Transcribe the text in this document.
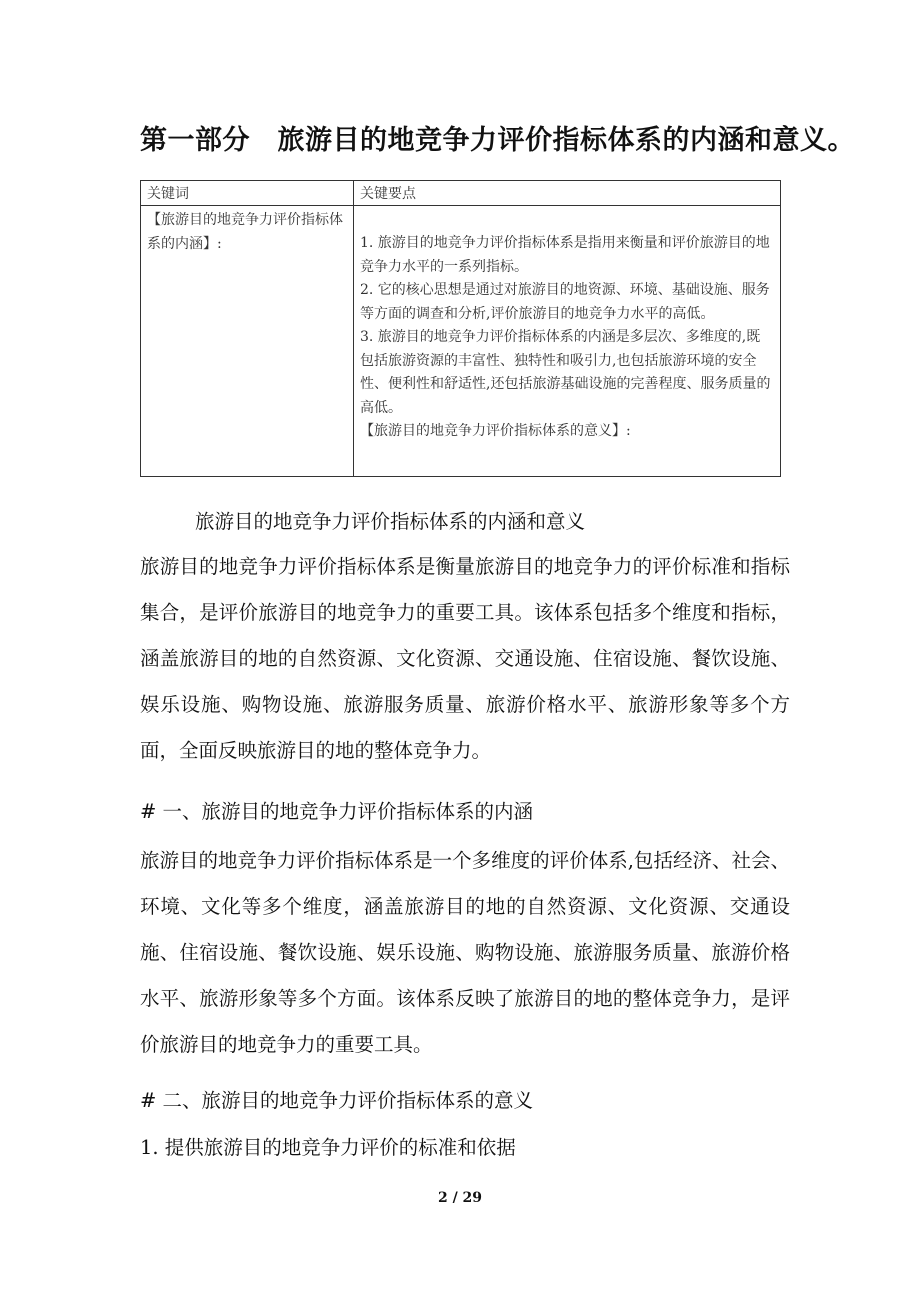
第一部分　旅游目的地竞争力评价指标体系的内涵和意义。
关键词	关键要点

【旅游目的地竞争力评价指标体系的内涵】:	1. 旅游目的地竞争力评价指标体系是指用来衡量和评价旅游目的地竞争力水平的一系列指标。

2. 它的核心思想是通过对旅游目的地资源、环境、基础设施、服务等方面的调查和分析,评价旅游目的地竞争力水平的高低。

3. 旅游目的地竞争力评价指标体系的内涵是多层次、多维度的,既包括旅游资源的丰富性、独特性和吸引力,也包括旅游环境的安全性、便利性和舒适性,还包括旅游基础设施的完善程度、服务质量的高低。

【旅游目的地竞争力评价指标体系的意义】:

旅游目的地竞争力评价指标体系的内涵和意义

旅游目的地竞争力评价指标体系是衡量旅游目的地竞争力的评价标准和指标集合，是评价旅游目的地竞争力的重要工具。该体系包括多个维度和指标，涵盖旅游目的地的自然资源、文化资源、交通设施、住宿设施、餐饮设施、娱乐设施、购物设施、旅游服务质量、旅游价格水平、旅游形象等多个方面，全面反映旅游目的地的整体竞争力。

# 一、旅游目的地竞争力评价指标体系的内涵

旅游目的地竞争力评价指标体系是一个多维度的评价体系,包括经济、社会、环境、文化等多个维度，涵盖旅游目的地的自然资源、文化资源、交通设施、住宿设施、餐饮设施、娱乐设施、购物设施、旅游服务质量、旅游价格水平、旅游形象等多个方面。该体系反映了旅游目的地的整体竞争力，是评价旅游目的地竞争力的重要工具。

# 二、旅游目的地竞争力评价指标体系的意义
1. 提供旅游目的地竞争力评价的标准和依据
2 / 29
